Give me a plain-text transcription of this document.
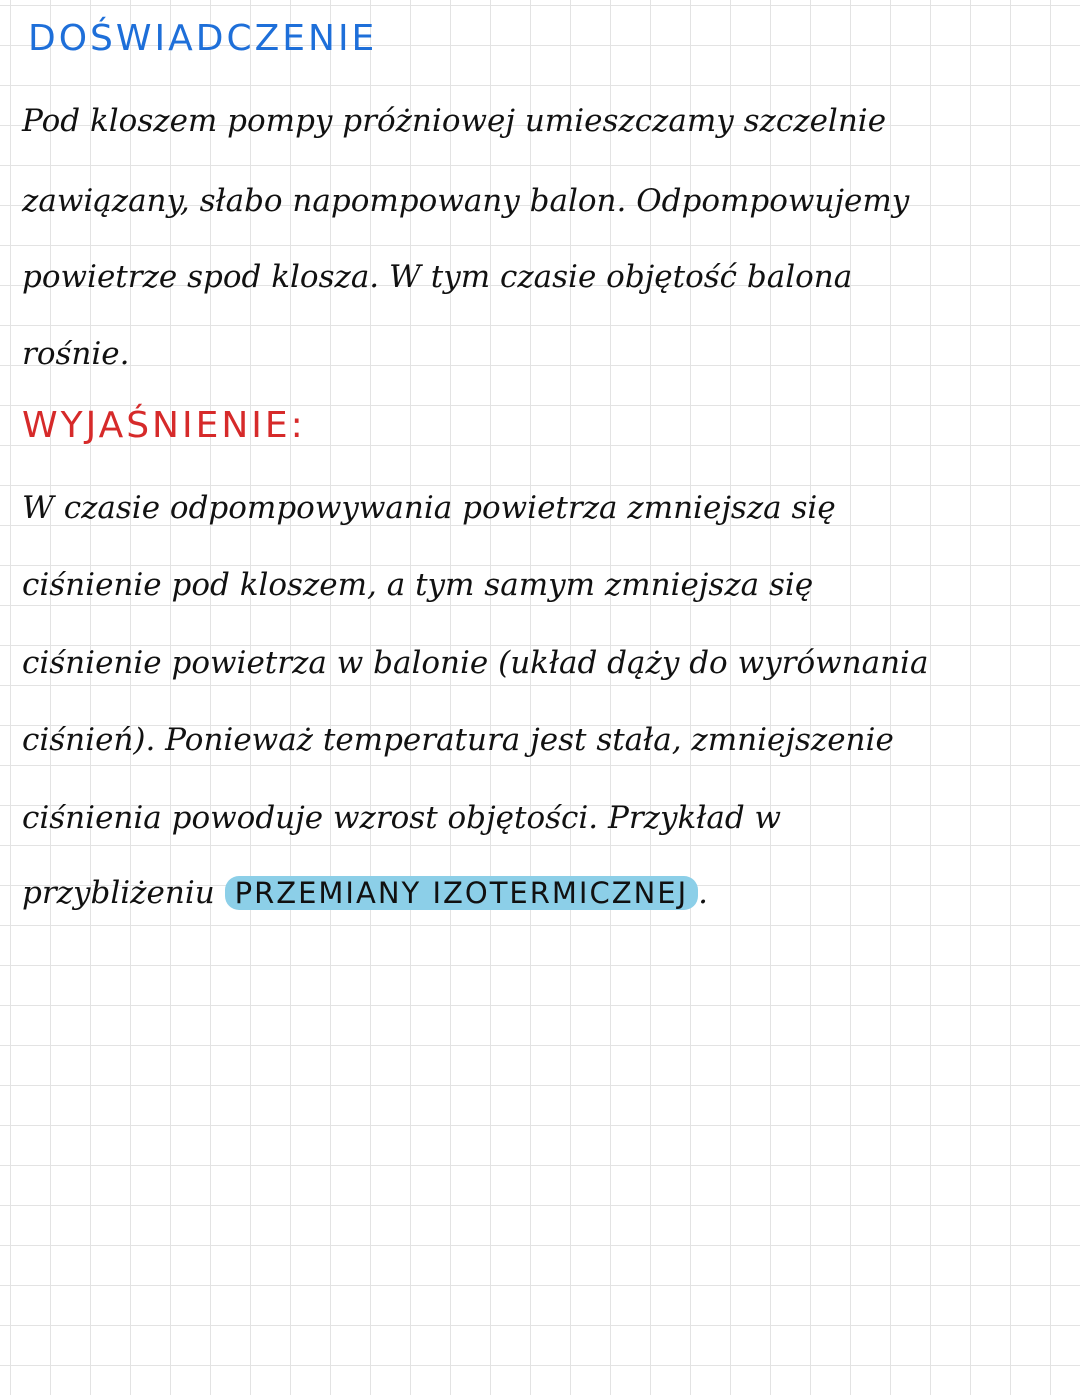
DOŚWIADCZENIE
Pod kloszem pompy próżniowej umieszczamy szczelnie
zawiązany, słabo napompowany balon. Odpompowujemy
powietrze spod klosza. W tym czasie objętość balona
rośnie.
WYJAŚNIENIE:
W czasie odpompowywania powietrza zmniejsza się
ciśnienie pod kloszem, a tym samym zmniejsza się
ciśnienie powietrza w balonie (układ dąży do wyrównania
ciśnień). Ponieważ temperatura jest stała, zmniejszenie
ciśnienia powoduje wzrost objętości. Przykład w
przybliżeniu PRZEMIANY IZOTERMICZNEJ .
